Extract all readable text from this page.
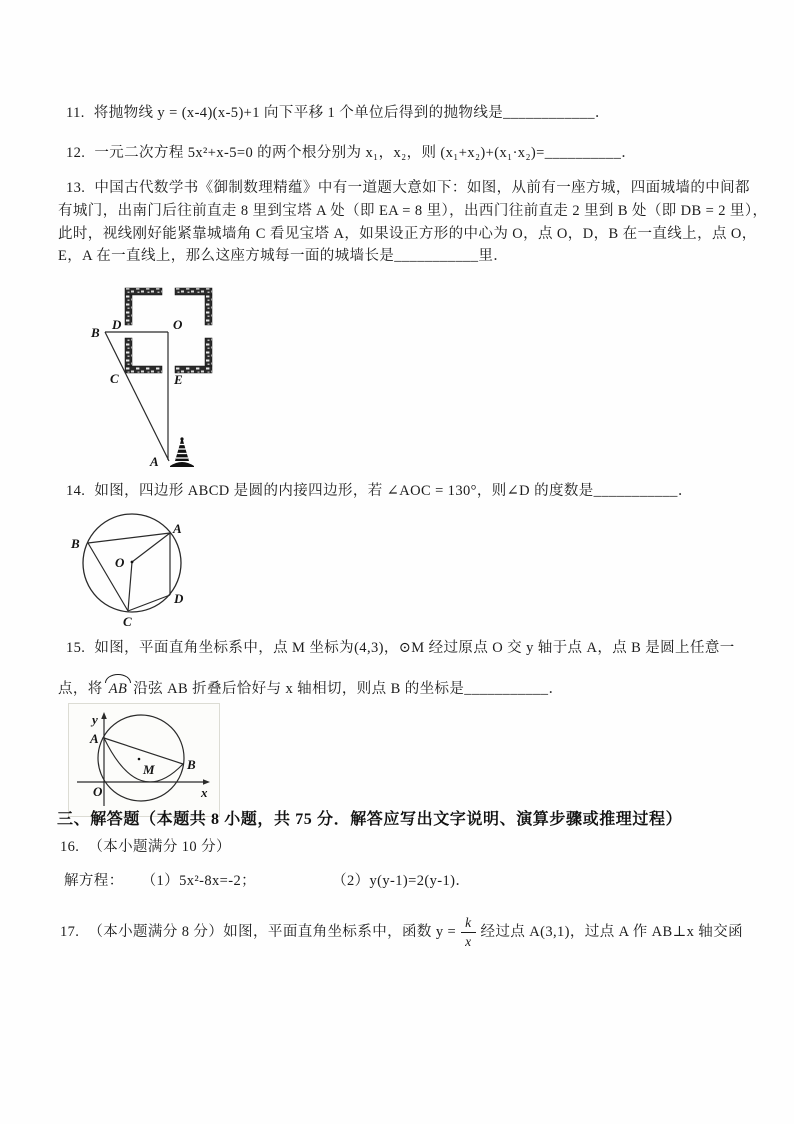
11. 将抛物线 y = (x-4)(x-5)+1 向下平移 1 个单位后得到的抛物线是____________．
12. 一元二次方程 5x²+x-5=0 的两个根分别为 x₁，x₂，则 (x₁+x₂)+(x₁·x₂)=__________．
13. 中国古代数学书《御制数理精蕴》中有一道题大意如下：如图，从前有一座方城，四面城墙的中间都
有城门，出南门后往前直走 8 里到宝塔 A 处（即 EA = 8 里），出西门往前直走 2 里到 B 处（即 DB = 2 里），
此时，视线刚好能紧靠城墙角 C 看见宝塔 A，如果设正方形的中心为 O，点 O，D，B 在一直线上，点 O，
E，A 在一直线上，那么这座方城每一面的城墙长是___________里．
B
D	O
C	E
A
14. 如图，四边形 ABCD 是圆的内接四边形，若 ∠AOC = 130°，则∠D 的度数是___________．
A
B
O
C
D
15. 如图，平面直角坐标系中，点 M 坐标为(4,3)，⊙M 经过原点 O 交 y 轴于点 A，点 B 是圆上任意一
点，将 AB 沿弦 AB 折叠后恰好与 x 轴相切，则点 B 的坐标是___________．
y
A
M B
O	x
三、解答题（本题共 8 小题，共 75 分．解答应写出文字说明、演算步骤或推理过程）
16. （本小题满分 10 分）
解方程： （1）5x²-8x=-2；	（2）y(y-1)=2(y-1)．
17. （本小题满分 8 分）如图，平面直角坐标系中，函数 $y = \frac{k}{x}$ 经过点 A(3,1)，过点 A 作 AB⊥x 轴交函
